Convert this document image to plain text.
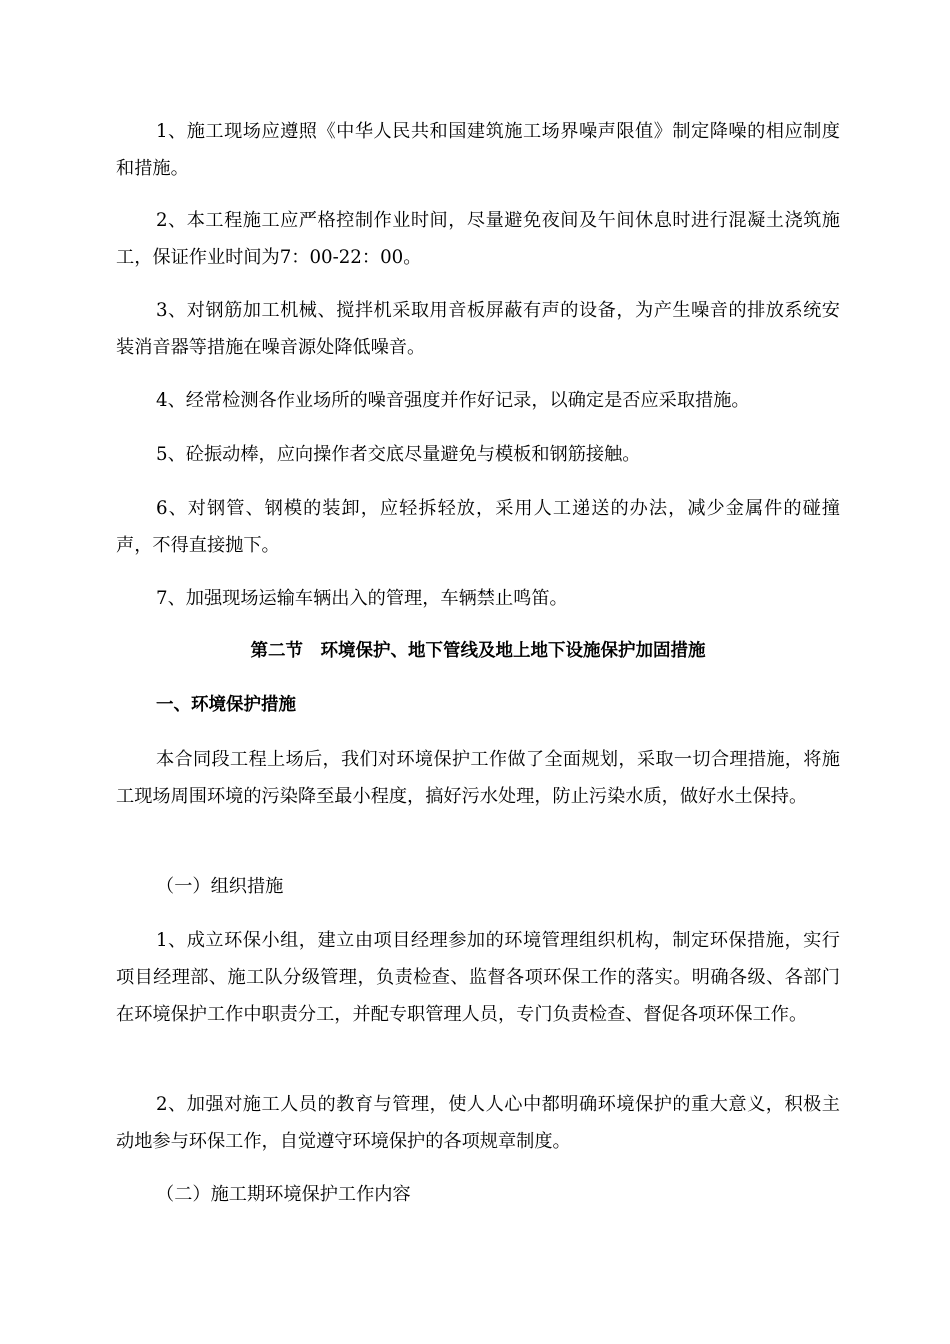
1、施工现场应遵照《中华人民共和国建筑施工场界噪声限值》制定降噪的相应制度和措施。

2、本工程施工应严格控制作业时间，尽量避免夜间及午间休息时进行混凝土浇筑施工，保证作业时间为7：00-22：00。

3、对钢筋加工机械、搅拌机采取用音板屏蔽有声的设备，为产生噪音的排放系统安装消音器等措施在噪音源处降低噪音。

4、经常检测各作业场所的噪音强度并作好记录，以确定是否应采取措施。

5、砼振动棒，应向操作者交底尽量避免与模板和钢筋接触。

6、对钢管、钢模的装卸，应轻拆轻放，采用人工递送的办法，减少金属件的碰撞声，不得直接抛下。

7、加强现场运输车辆出入的管理，车辆禁止鸣笛。

第二节　环境保护、地下管线及地上地下设施保护加固措施

一、环境保护措施

本合同段工程上场后，我们对环境保护工作做了全面规划，采取一切合理措施，将施工现场周围环境的污染降至最小程度，搞好污水处理，防止污染水质，做好水土保持。

（一）组织措施

1、成立环保小组，建立由项目经理参加的环境管理组织机构，制定环保措施，实行项目经理部、施工队分级管理，负责检查、监督各项环保工作的落实。明确各级、各部门在环境保护工作中职责分工，并配专职管理人员，专门负责检查、督促各项环保工作。

2、加强对施工人员的教育与管理，使人人心中都明确环境保护的重大意义，积极主动地参与环保工作，自觉遵守环境保护的各项规章制度。

（二）施工期环境保护工作内容
